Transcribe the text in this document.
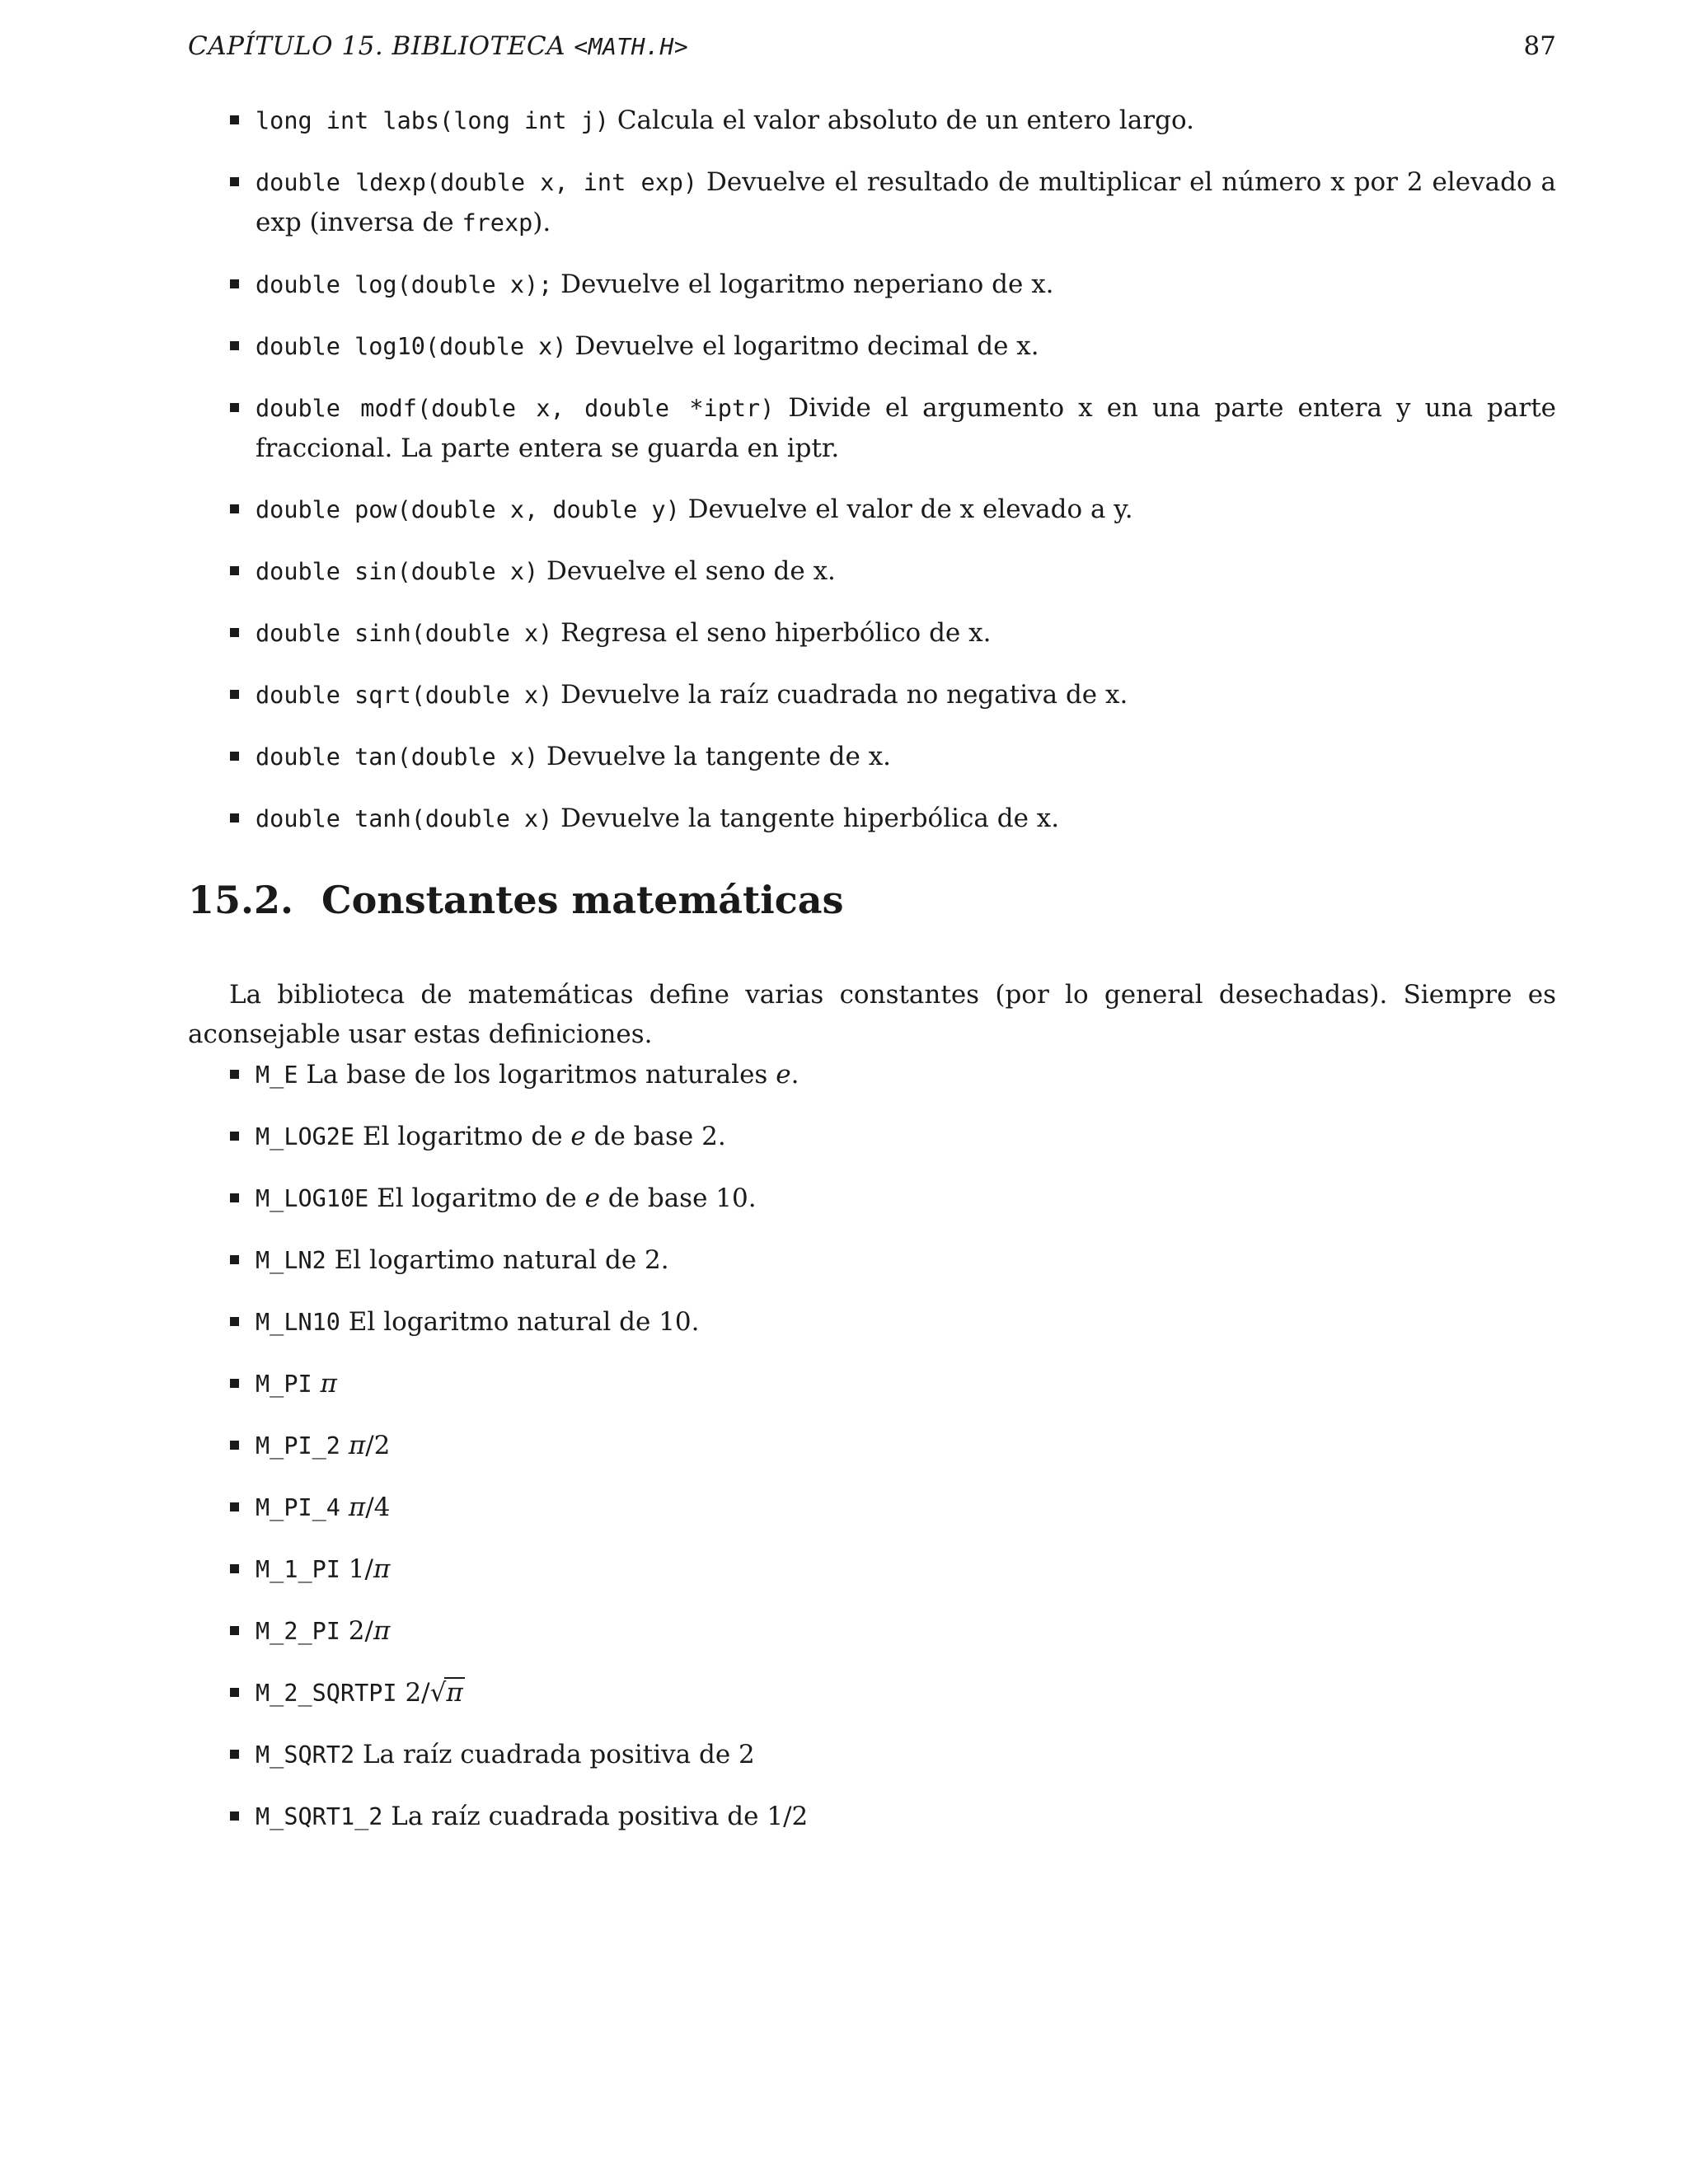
CAPÍTULO 15. BIBLIOTECA <MATH.H>	87
long int labs(long int j) Calcula el valor absoluto de un entero largo.
double ldexp(double x, int exp) Devuelve el resultado de multiplicar el número x por 2 elevado a exp (inversa de frexp).
double log(double x); Devuelve el logaritmo neperiano de x.
double log10(double x) Devuelve el logaritmo decimal de x.
double modf(double x, double *iptr) Divide el argumento x en una parte entera y una parte fraccional. La parte entera se guarda en iptr.
double pow(double x, double y) Devuelve el valor de x elevado a y.
double sin(double x) Devuelve el seno de x.
double sinh(double x) Regresa el seno hiperbólico de x.
double sqrt(double x) Devuelve la raíz cuadrada no negativa de x.
double tan(double x) Devuelve la tangente de x.
double tanh(double x) Devuelve la tangente hiperbólica de x.
15.2. Constantes matemáticas

La biblioteca de matemáticas define varias constantes (por lo general desechadas). Siempre es aconsejable usar estas definiciones.

M_E La base de los logaritmos naturales e.
M_LOG2E El logaritmo de e de base 2.
M_LOG10E El logaritmo de e de base 10.
M_LN2 El logartimo natural de 2.
M_LN10 El logaritmo natural de 10.
M_PI π
M_PI_2 π/2
M_PI_4 π/4
M_1_PI 1/π
M_2_PI 2/π
M_2_SQRTPI 2/√π
M_SQRT2 La raíz cuadrada positiva de 2
M_SQRT1_2 La raíz cuadrada positiva de 1/2
